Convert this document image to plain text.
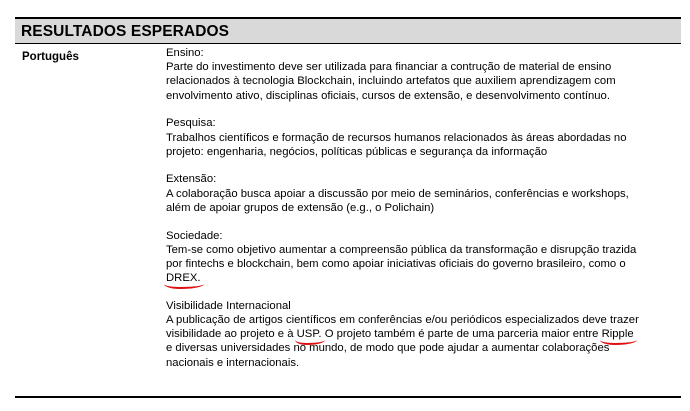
RESULTADOS ESPERADOS
Português	Ensino:
Parte do investimento deve ser utilizada para financiar a contrução de material de ensino
relacionados à tecnologia Blockchain, incluindo artefatos que auxiliem aprendizagem com
envolvimento ativo, disciplinas oficiais, cursos de extensão, e desenvolvimento contínuo.
Pesquisa:
Trabalhos científicos e formação de recursos humanos relacionados às áreas abordadas no
projeto: engenharia, negócios, políticas públicas e segurança da informação
Extensão:
A colaboração busca apoiar a discussão por meio de seminários, conferências e workshops,
além de apoiar grupos de extensão (e.g., o Polichain)
Sociedade:
Tem-se como objetivo aumentar a compreensão pública da transformação e disrupção trazida
por fintechs e blockchain, bem como apoiar iniciativas oficiais do governo brasileiro, como o
DREX.
Visibilidade Internacional
A publicação de artigos científicos em conferências e/ou periódicos especializados deve trazer
visibilidade ao projeto e à USP. O projeto também é parte de uma parceria maior entre Ripple
e diversas universidades no mundo, de modo que pode ajudar a aumentar colaborações
nacionais e internacionais.
